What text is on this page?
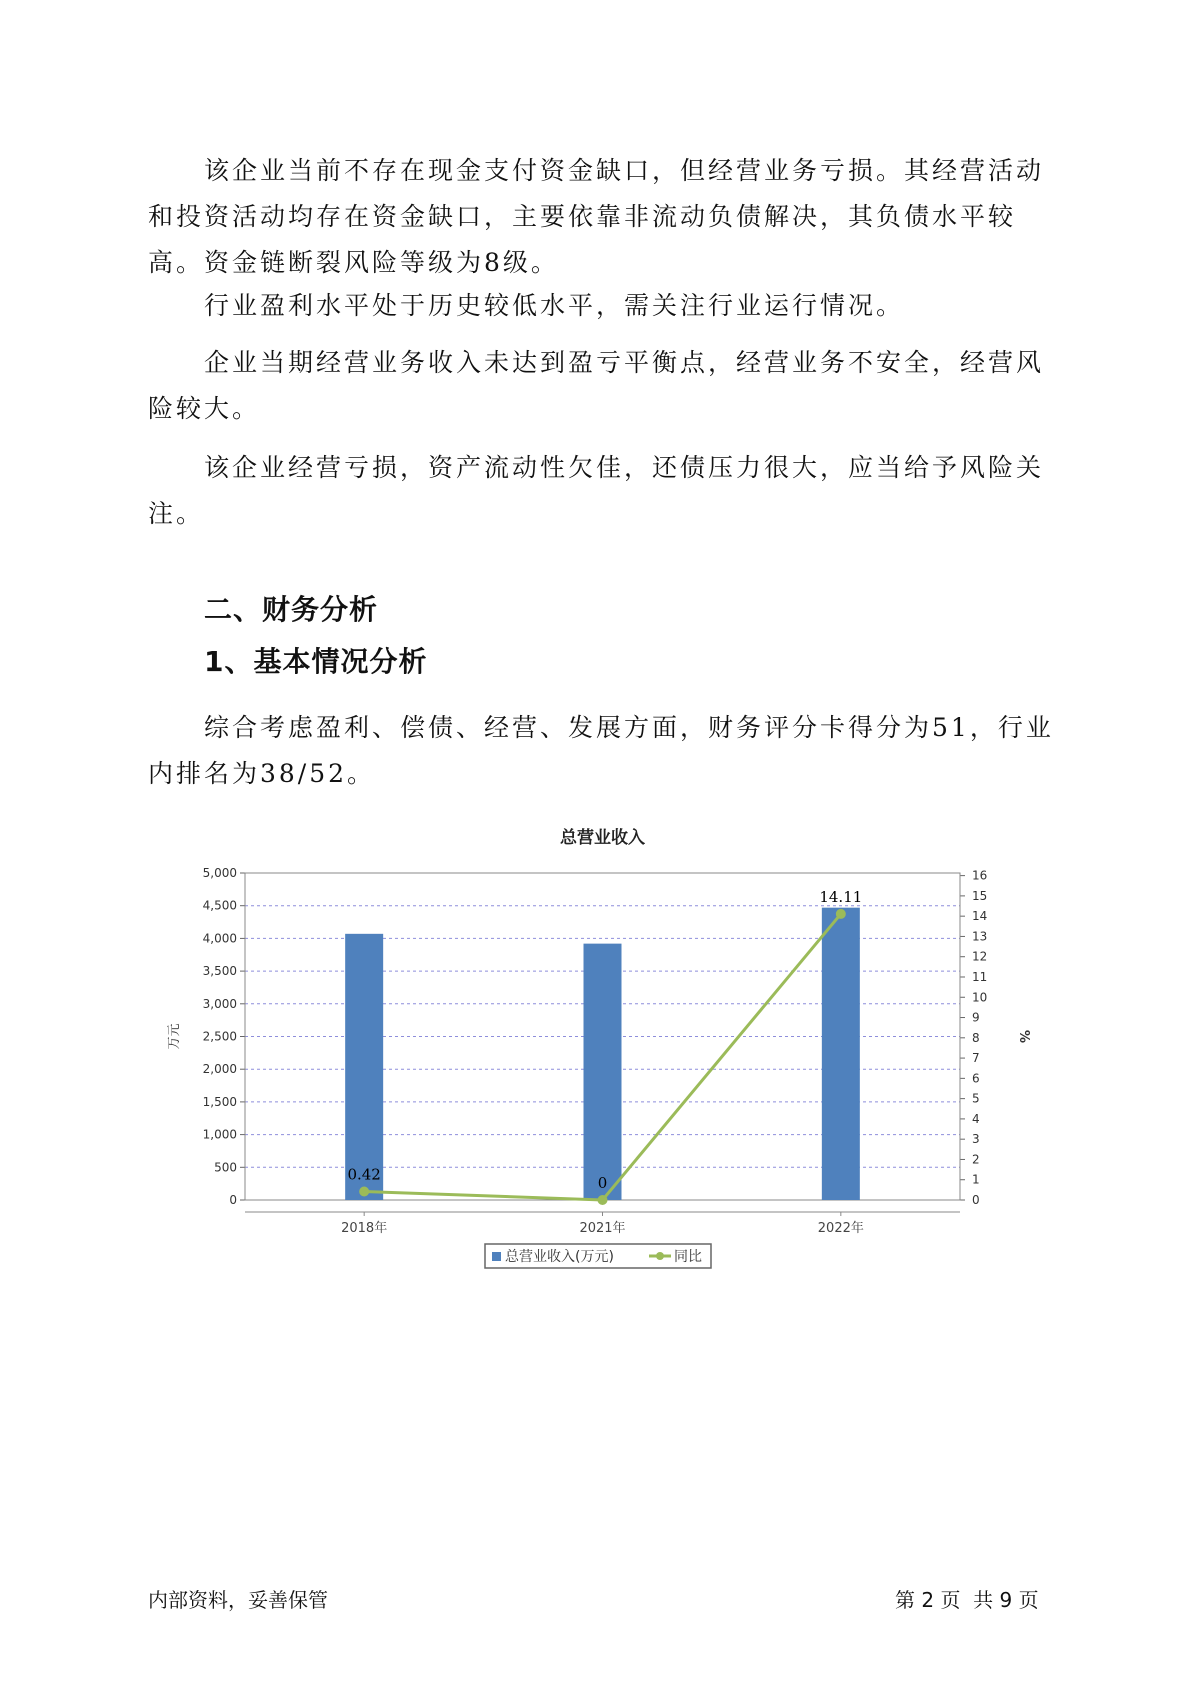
该企业当前不存在现金支付资金缺口，但经营业务亏损。其经营活动和投资活动均存在资金缺口，主要依靠非流动负债解决，其负债水平较高。资金链断裂风险等级为8级。

行业盈利水平处于历史较低水平，需关注行业运行情况。

企业当期经营业务收入未达到盈亏平衡点，经营业务不安全，经营风险较大。

该企业经营亏损，资产流动性欠佳，还债压力很大，应当给予风险关注。

二、财务分析
1、基本情况分析

综合考虑盈利、偿债、经营、发展方面，财务评分卡得分为51，行业内排名为38/52。

总营业收入
0
500
1,000
1,500
2,000
2,500
3,000
3,500
4,000
4,500
5,000
0
1
2
3
4
5
6
7
8
9
10
11
12
13
14
15
16
万元	%
2018年	2021年	2022年
0.42	0
14.11
总营业收入(万元)	同比
内部资料，妥善保管	第 2 页  共 9 页
